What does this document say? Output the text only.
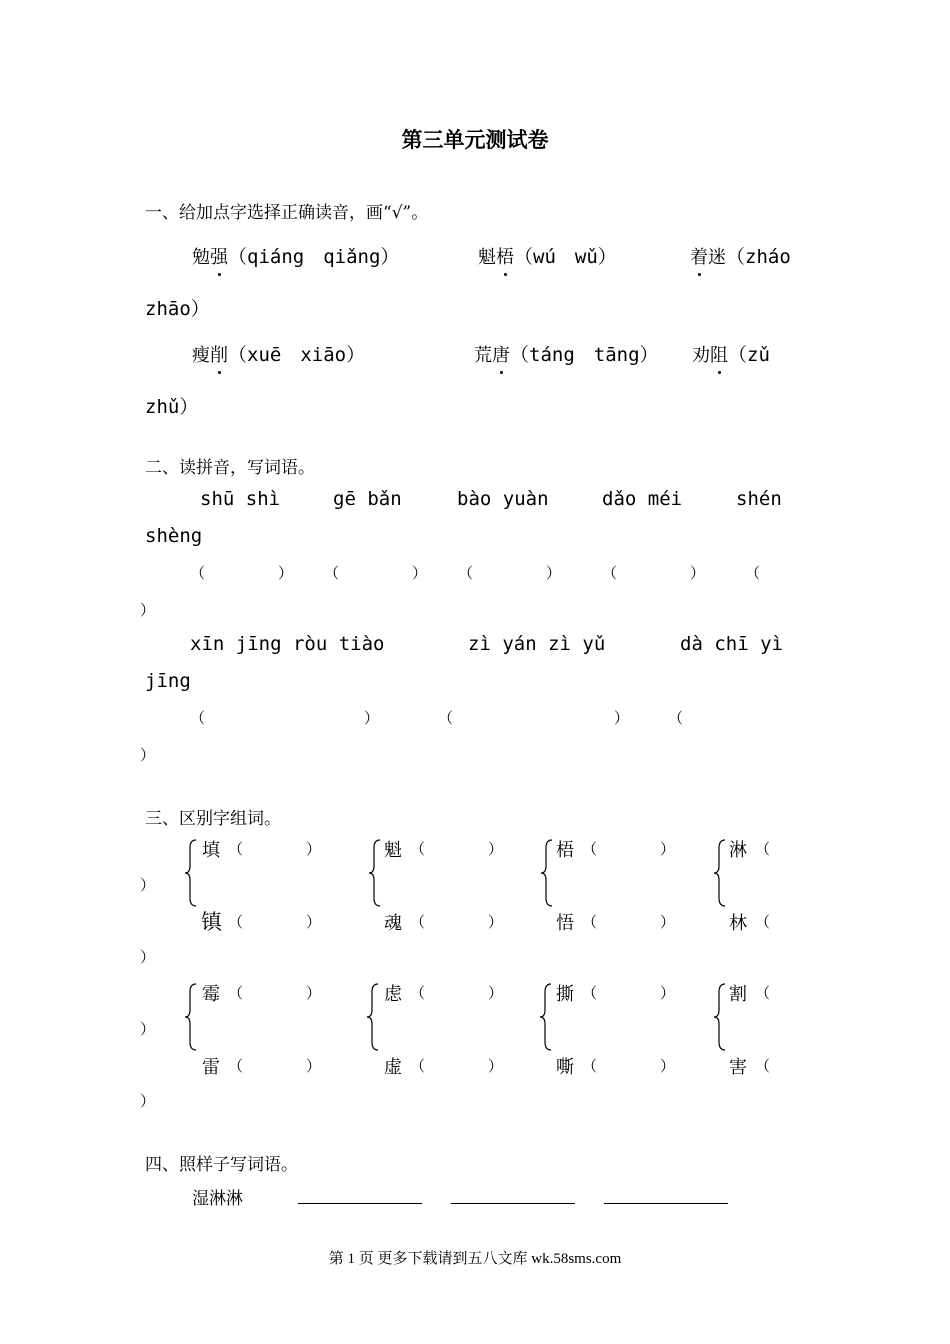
第三单元测试卷
一、给加点字选择正确读音，画“√”。
勉强（qiáng　qiǎng）	魁梧（wú　wǔ）	着迷（zháo
zhāo）
瘦削（xuē　xiāo）	荒唐（táng　tāng） 劝阻（zǔ
zhǔ）
二、读拼音，写词语。
shū shì	gē bǎn	bào yuàn	dǎo méi	shén
shèng
（	） （	） （	）	（	）	（
）
xīn jīng ròu tiào	zì yán zì yǔ	dà chī yì
jīng
（	）	（	）	（
）
三、区别字组词。
填 （	）	魁 （	）	梧 （	）	淋 （
）
镇 （	）	魂 （	）	悟 （	）	林 （
）
霉 （	）	虑 （	）	撕 （	）	割 （
）
雷 （	）	虚 （	）	嘶 （	）	害 （
）
四、照样子写词语。
湿淋淋
第 1 页 更多下载请到五八文库 wk.58sms.com
